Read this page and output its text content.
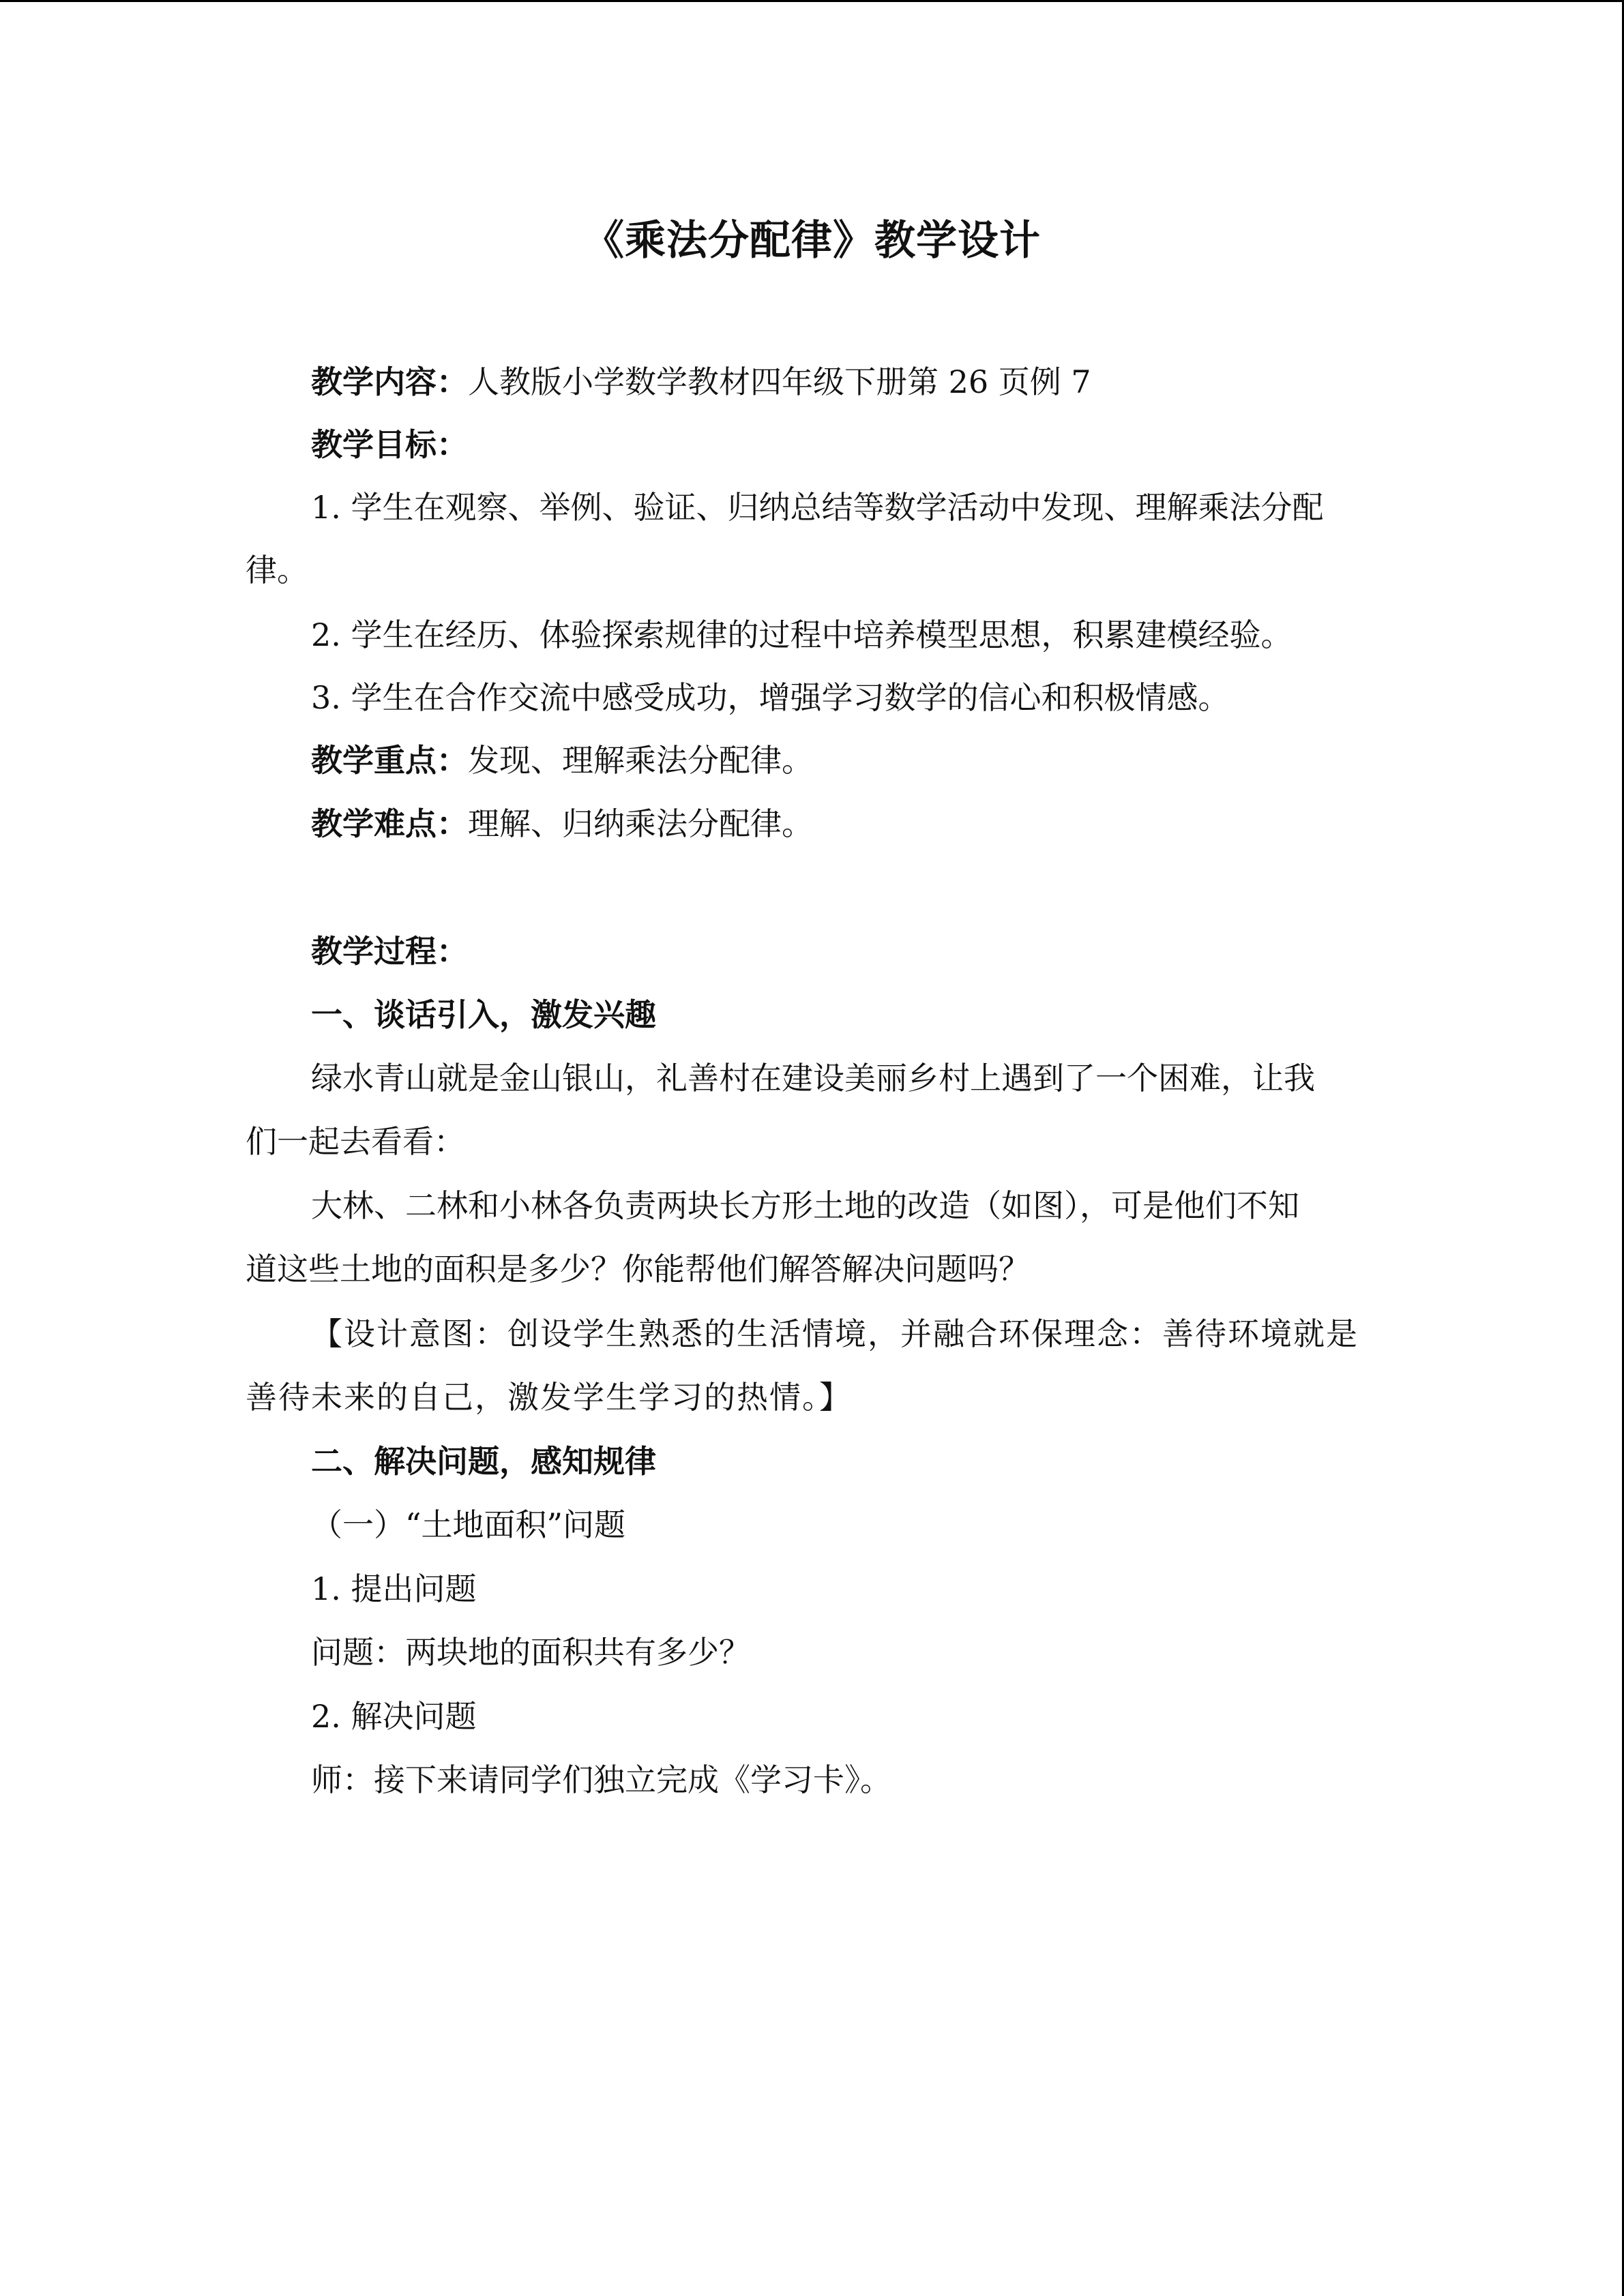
《乘法分配律》教学设计
教学内容：人教版小学数学教材四年级下册第 26 页例 7
教学目标：
1. 学生在观察、举例、验证、归纳总结等数学活动中发现、理解乘法分配
律。
2. 学生在经历、体验探索规律的过程中培养模型思想，积累建模经验。
3. 学生在合作交流中感受成功，增强学习数学的信心和积极情感。
教学重点：发现、理解乘法分配律。
教学难点：理解、归纳乘法分配律。
教学过程：
一、谈话引入，激发兴趣
绿水青山就是金山银山，礼善村在建设美丽乡村上遇到了一个困难，让我
们一起去看看：
大林、二林和小林各负责两块长方形土地的改造（如图），可是他们不知
道这些土地的面积是多少？你能帮他们解答解决问题吗？
【设计意图：创设学生熟悉的生活情境，并融合环保理念：善待环境就是
善待未来的自己，激发学生学习的热情。】
二、解决问题，感知规律
（一）“土地面积”问题
1. 提出问题
问题：两块地的面积共有多少？
2. 解决问题
师：接下来请同学们独立完成《学习卡》。
